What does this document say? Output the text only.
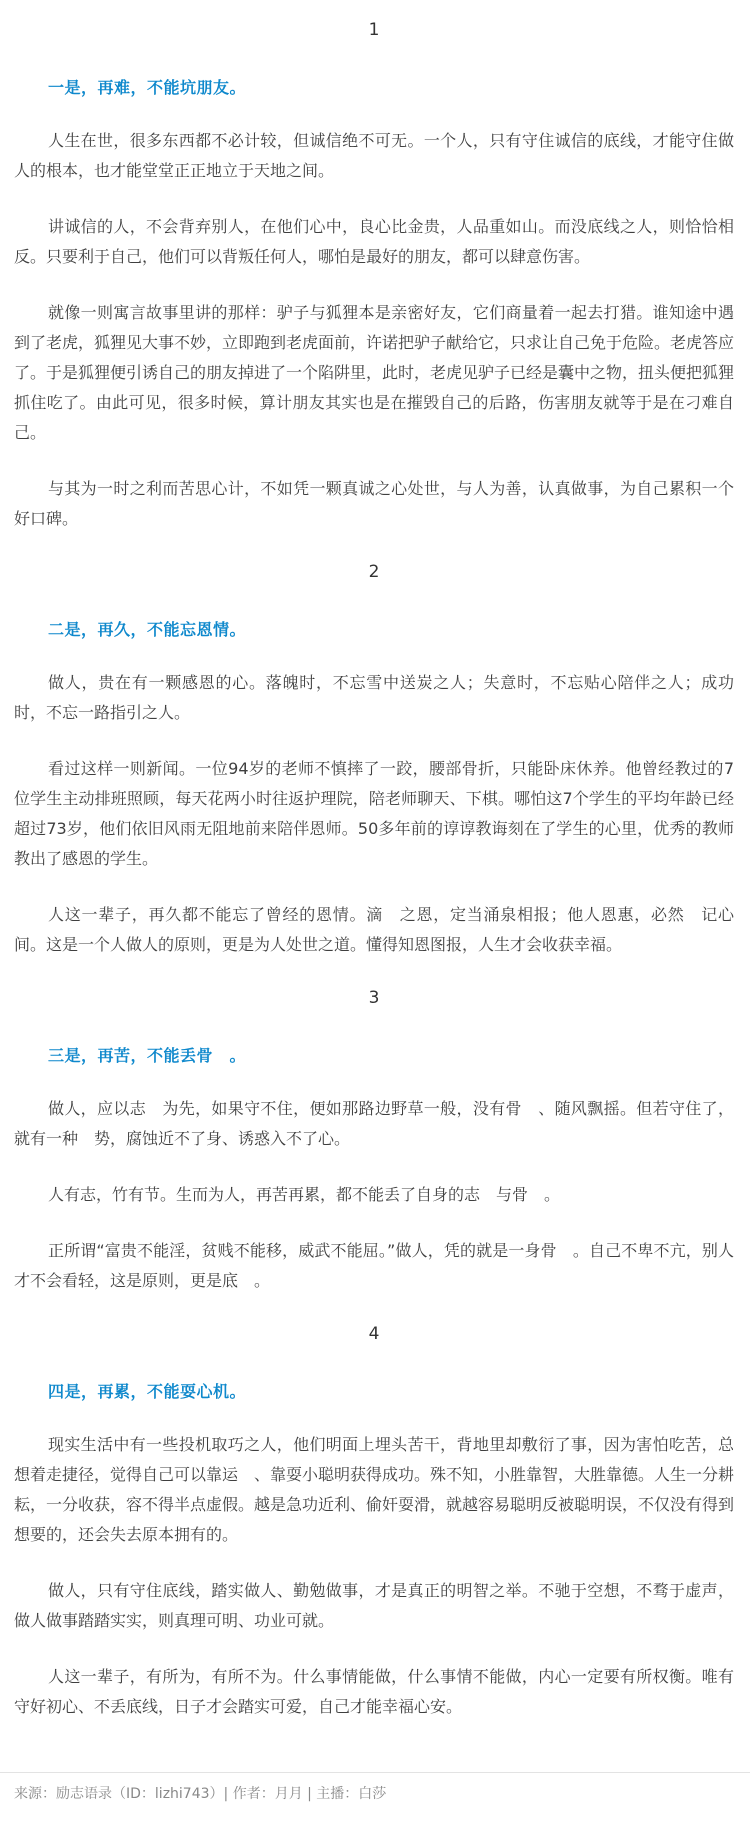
1
一是，再难，不能坑朋友。

人生在世，很多东西都不必计较，但诚信绝不可无。一个人，只有守住诚信的底线，才能守住做人的根本，也才能堂堂正正地立于天地之间。

讲诚信的人，不会背弃别人，在他们心中，良心比金贵，人品重如山。而没底线之人，则恰恰相反。只要利于自己，他们可以背叛任何人，哪怕是最好的朋友，都可以肆意伤害。

就像一则寓言故事里讲的那样：驴子与狐狸本是亲密好友，它们商量着一起去打猎。谁知途中遇到了老虎，狐狸见大事不妙，立即跑到老虎面前，许诺把驴子献给它，只求让自己免于危险。老虎答应了。于是狐狸便引诱自己的朋友掉进了一个陷阱里，此时，老虎见驴子已经是囊中之物，扭头便把狐狸抓住吃了。由此可见，很多时候，算计朋友其实也是在摧毁自己的后路，伤害朋友就等于是在刁难自己。

与其为一时之利而苦思心计，不如凭一颗真诚之心处世，与人为善，认真做事，为自己累积一个好口碑。

2
二是，再久，不能忘恩情。

做人，贵在有一颗感恩的心。落魄时，不忘雪中送炭之人；失意时，不忘贴心陪伴之人；成功时，不忘一路指引之人。

看过这样一则新闻。一位94岁的老师不慎摔了一跤，腰部骨折，只能卧床休养。他曾经教过的7位学生主动排班照顾，每天花两小时往返护理院，陪老师聊天、下棋。哪怕这7个学生的平均年龄已经超过73岁，他们依旧风雨无阻地前来陪伴恩师。50多年前的谆谆教诲刻在了学生的心里，优秀的教师教出了感恩的学生。

人这一辈子，再久都不能忘了曾经的恩情。滴　之恩，定当涌泉相报；他人恩惠，必然　记心间。这是一个人做人的原则，更是为人处世之道。懂得知恩图报，人生才会收获幸福。

3
三是，再苦，不能丢骨　。

做人，应以志　为先，如果守不住，便如那路边野草一般，没有骨　、随风飘摇。但若守住了，就有一种　势，腐蚀近不了身、诱惑入不了心。

人有志，竹有节。生而为人，再苦再累，都不能丢了自身的志　与骨　。

正所谓“富贵不能淫，贫贱不能移，威武不能屈。”做人，凭的就是一身骨　。自己不卑不亢，别人才不会看轻，这是原则，更是底　。

4
四是，再累，不能耍心机。

现实生活中有一些投机取巧之人，他们明面上埋头苦干，背地里却敷衍了事，因为害怕吃苦，总想着走捷径，觉得自己可以靠运　、靠耍小聪明获得成功。殊不知，小胜靠智，大胜靠德。人生一分耕耘，一分收获，容不得半点虚假。越是急功近利、偷奸耍滑，就越容易聪明反被聪明误，不仅没有得到想要的，还会失去原本拥有的。

做人，只有守住底线，踏实做人、勤勉做事，才是真正的明智之举。不驰于空想，不骛于虚声，做人做事踏踏实实，则真理可明、功业可就。

人这一辈子，有所为，有所不为。什么事情能做，什么事情不能做，内心一定要有所权衡。唯有守好初心、不丢底线，日子才会踏实可爱，自己才能幸福心安。

来源：励志语录（ID：lizhi743）| 作者：月月 | 主播：白莎
